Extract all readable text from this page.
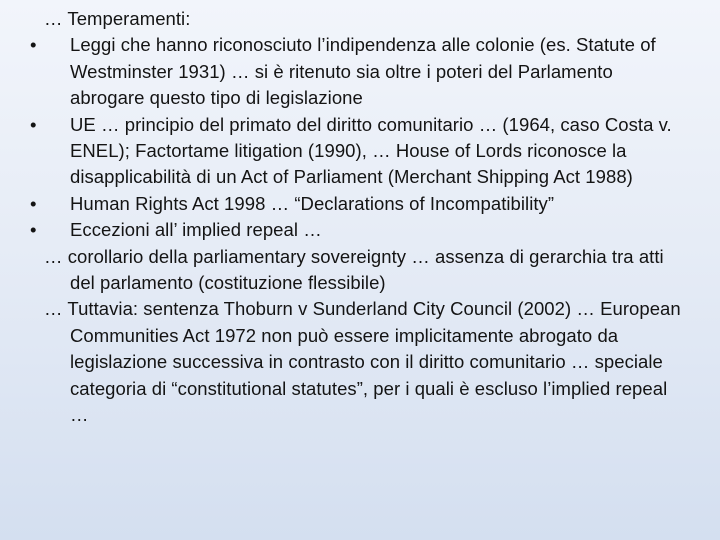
… Temperamenti:

•	Leggi che hanno riconosciuto l’indipendenza alle colonie (es. Statute of Westminster 1931) … si è ritenuto sia oltre i poteri del Parlamento abrogare questo tipo di legislazione

•	UE … principio del primato del diritto comunitario … (1964, caso Costa v. ENEL); Factortame litigation (1990), … House of Lords riconosce la disapplicabilità di un Act of Parliament (Merchant Shipping Act 1988)

•	Human Rights Act 1998 … “Declarations of Incompatibility”

•	Eccezioni all’ implied repeal …

… corollario della parliamentary sovereignty … assenza di gerarchia tra atti del parlamento (costituzione flessibile)

… Tuttavia: sentenza Thoburn v Sunderland City Council (2002) … European Communities Act 1972 non può essere implicitamente abrogato da legislazione successiva in contrasto con il diritto comunitario … speciale categoria di “constitutional statutes”, per i quali è escluso l’implied repeal …
